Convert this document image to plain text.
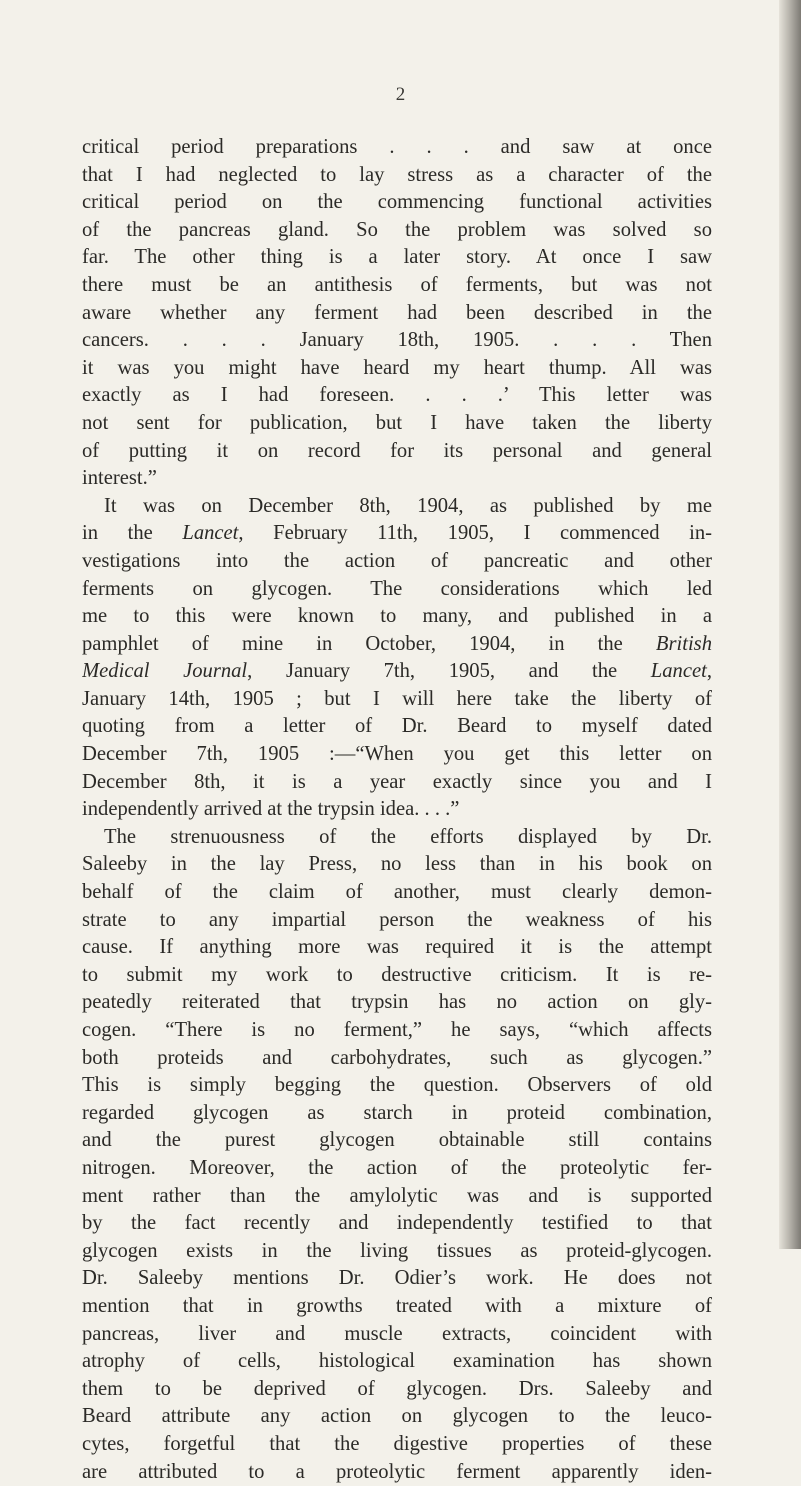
2
critical period preparations . . . and saw at once
that I had neglected to lay stress as a character of the
critical period on the commencing functional activities
of the pancreas gland. So the problem was solved so
far. The other thing is a later story. At once I saw
there must be an antithesis of ferments, but was not
aware whether any ferment had been described in the
cancers. . . . January 18th, 1905. . . . Then
it was you might have heard my heart thump. All was
exactly as I had foreseen. . . .’ This letter was
not sent for publication, but I have taken the liberty
of putting it on record for its personal and general
interest.”
It was on December 8th, 1904, as published by me
in the Lancet, February 11th, 1905, I commenced in-
vestigations into the action of pancreatic and other
ferments on glycogen. The considerations which led
me to this were known to many, and published in a
pamphlet of mine in October, 1904, in the British
Medical Journal, January 7th, 1905, and the Lancet,
January 14th, 1905 ; but I will here take the liberty of
quoting from a letter of Dr. Beard to myself dated
December 7th, 1905 :—“When you get this letter on
December 8th, it is a year exactly since you and I
independently arrived at the trypsin idea. . . .”
The strenuousness of the efforts displayed by Dr.
Saleeby in the lay Press, no less than in his book on
behalf of the claim of another, must clearly demon-
strate to any impartial person the weakness of his
cause. If anything more was required it is the attempt
to submit my work to destructive criticism. It is re-
peatedly reiterated that trypsin has no action on gly-
cogen. “There is no ferment,” he says, “which affects
both proteids and carbohydrates, such as glycogen.”
This is simply begging the question. Observers of old
regarded glycogen as starch in proteid combination,
and the purest glycogen obtainable still contains
nitrogen. Moreover, the action of the proteolytic fer-
ment rather than the amylolytic was and is supported
by the fact recently and independently testified to that
glycogen exists in the living tissues as proteid-glycogen.
Dr. Saleeby mentions Dr. Odier’s work. He does not
mention that in growths treated with a mixture of
pancreas, liver and muscle extracts, coincident with
atrophy of cells, histological examination has shown
them to be deprived of glycogen. Drs. Saleeby and
Beard attribute any action on glycogen to the leuco-
cytes, forgetful that the digestive properties of these
are attributed to a proteolytic ferment apparently iden-
